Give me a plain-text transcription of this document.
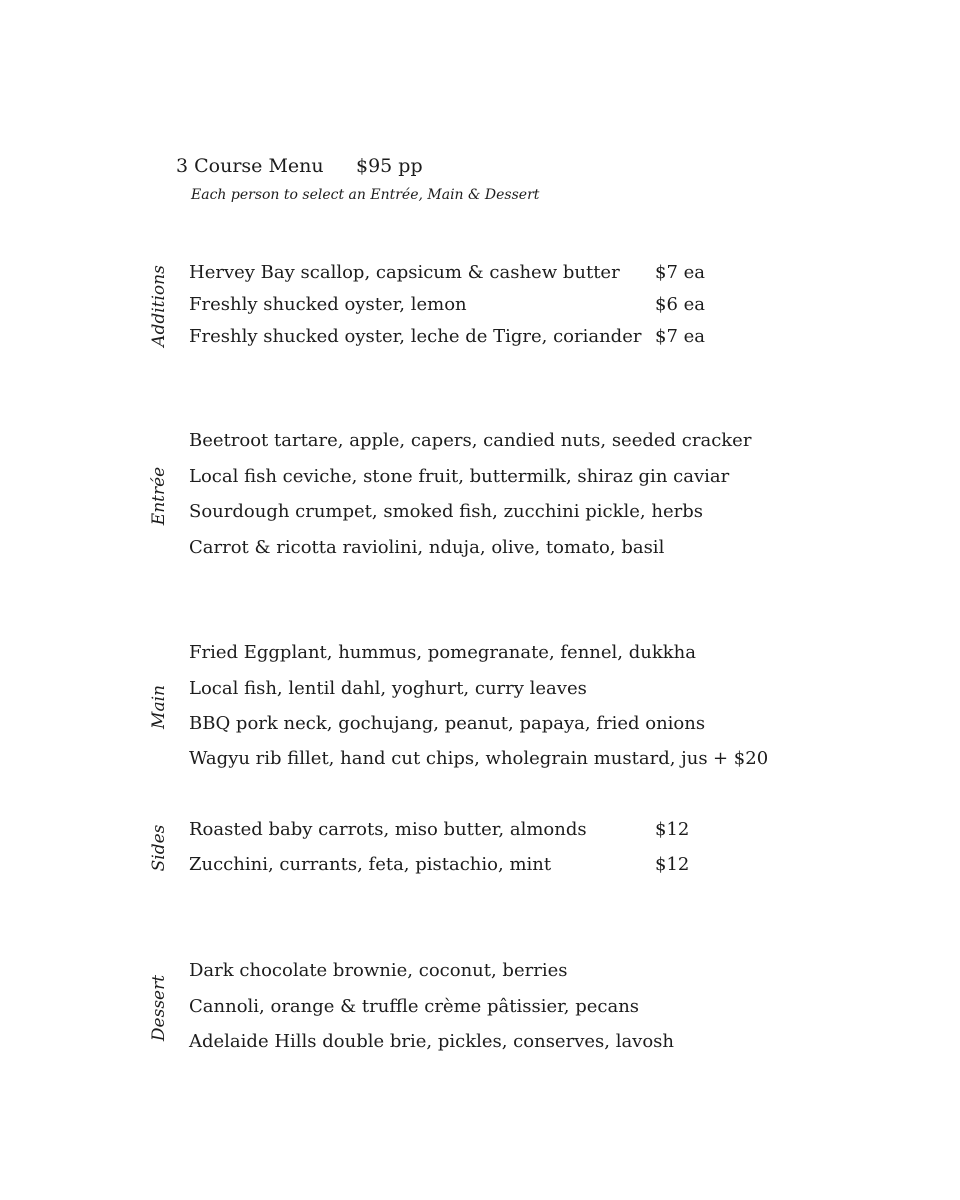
3 Course Menu $95 pp
Each person to select an Entrée, Main & Dessert
Additions Hervey Bay scallop, capsicum & cashew butter $7 ea
Freshly shucked oyster, lemon	$6 ea
Freshly shucked oyster, leche de Tigre, coriander $7 ea
Entrée
Beetroot tartare, apple, capers, candied nuts, seeded cracker
Local fish ceviche, stone fruit, buttermilk, shiraz gin caviar
Sourdough crumpet, smoked fish, zucchini pickle, herbs
Carrot & ricotta raviolini, nduja, olive, tomato, basil
Main
Fried Eggplant, hummus, pomegranate, fennel, dukkha
Local fish, lentil dahl, yoghurt, curry leaves
BBQ pork neck, gochujang, peanut, papaya, fried onions
Wagyu rib fillet, hand cut chips, wholegrain mustard, jus + $20
Sides Roasted baby carrots, miso butter, almonds	$12
Zucchini, currants, feta, pistachio, mint	$12
Dessert
Dark chocolate brownie, coconut, berries
Cannoli, orange & truffle crème pâtissier, pecans
Adelaide Hills double brie, pickles, conserves, lavosh
